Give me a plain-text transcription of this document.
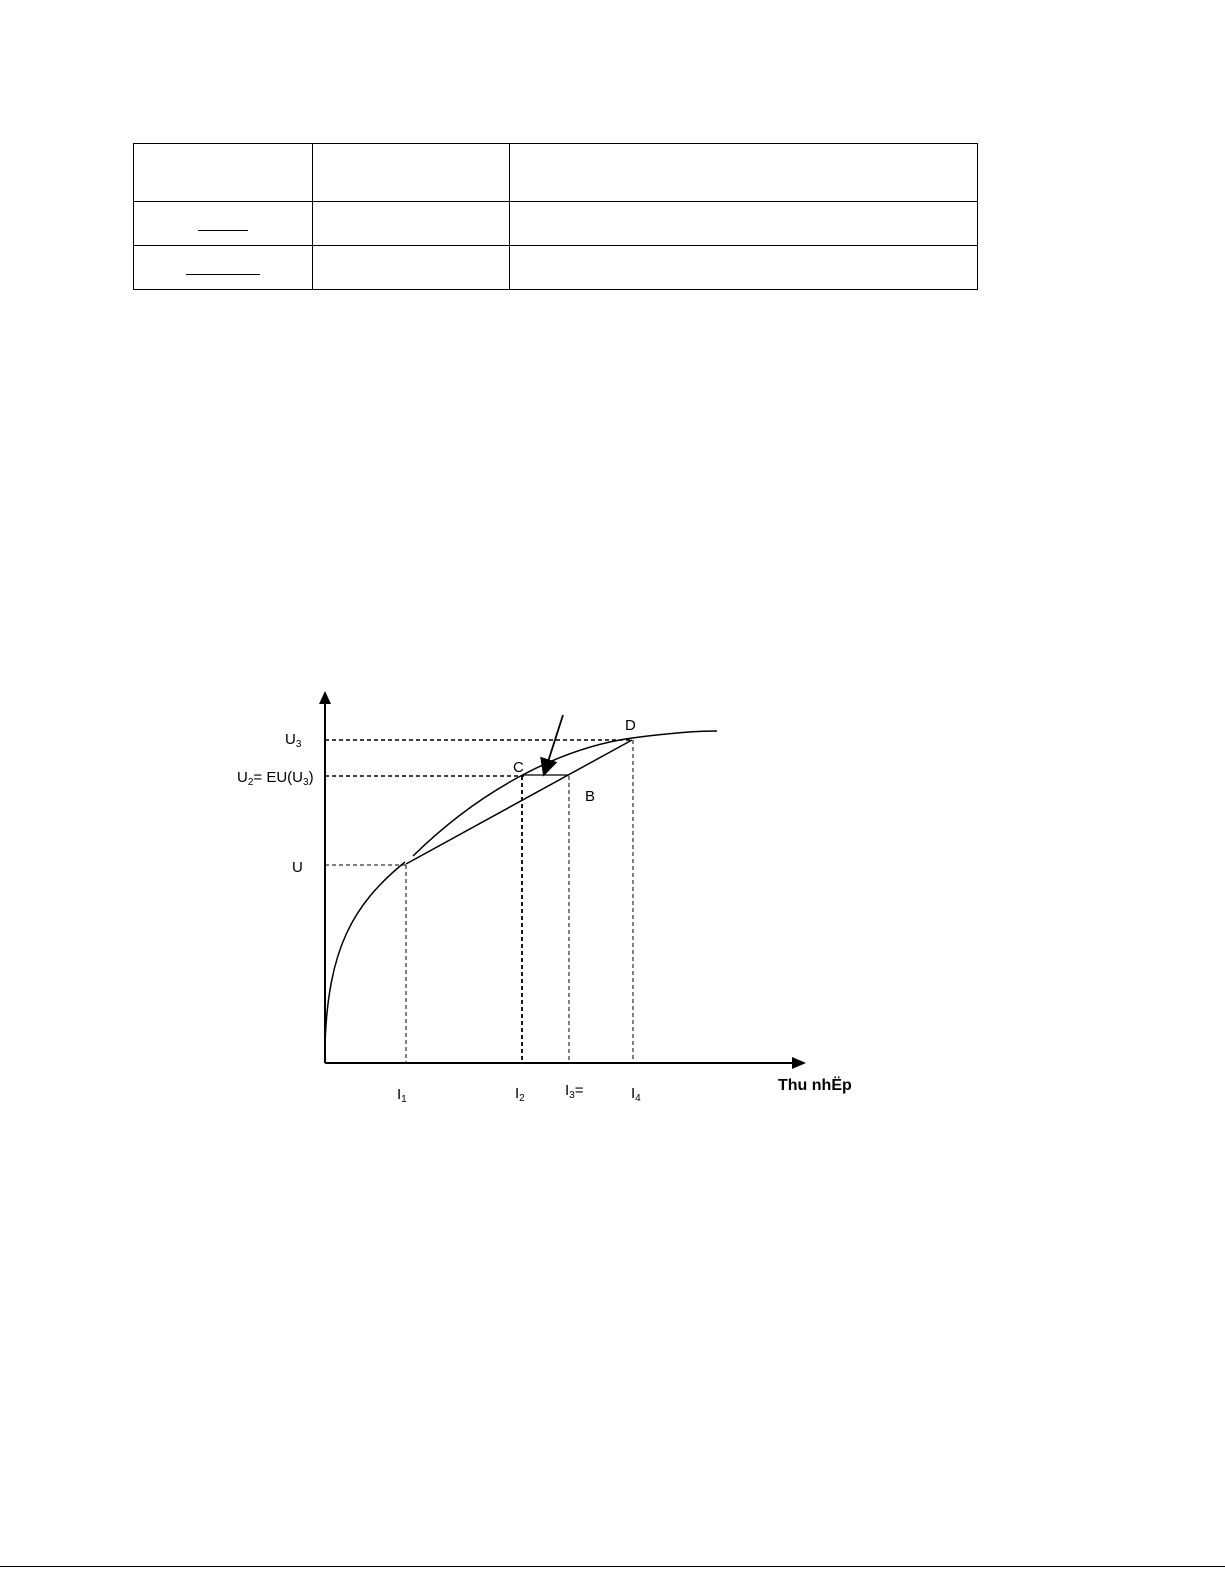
D
C
B
$U_3$
$U_2= EU(U_3)$
U
$I_1$	$I_2$	$I_3=$	$I_4$
Thu nhËp
